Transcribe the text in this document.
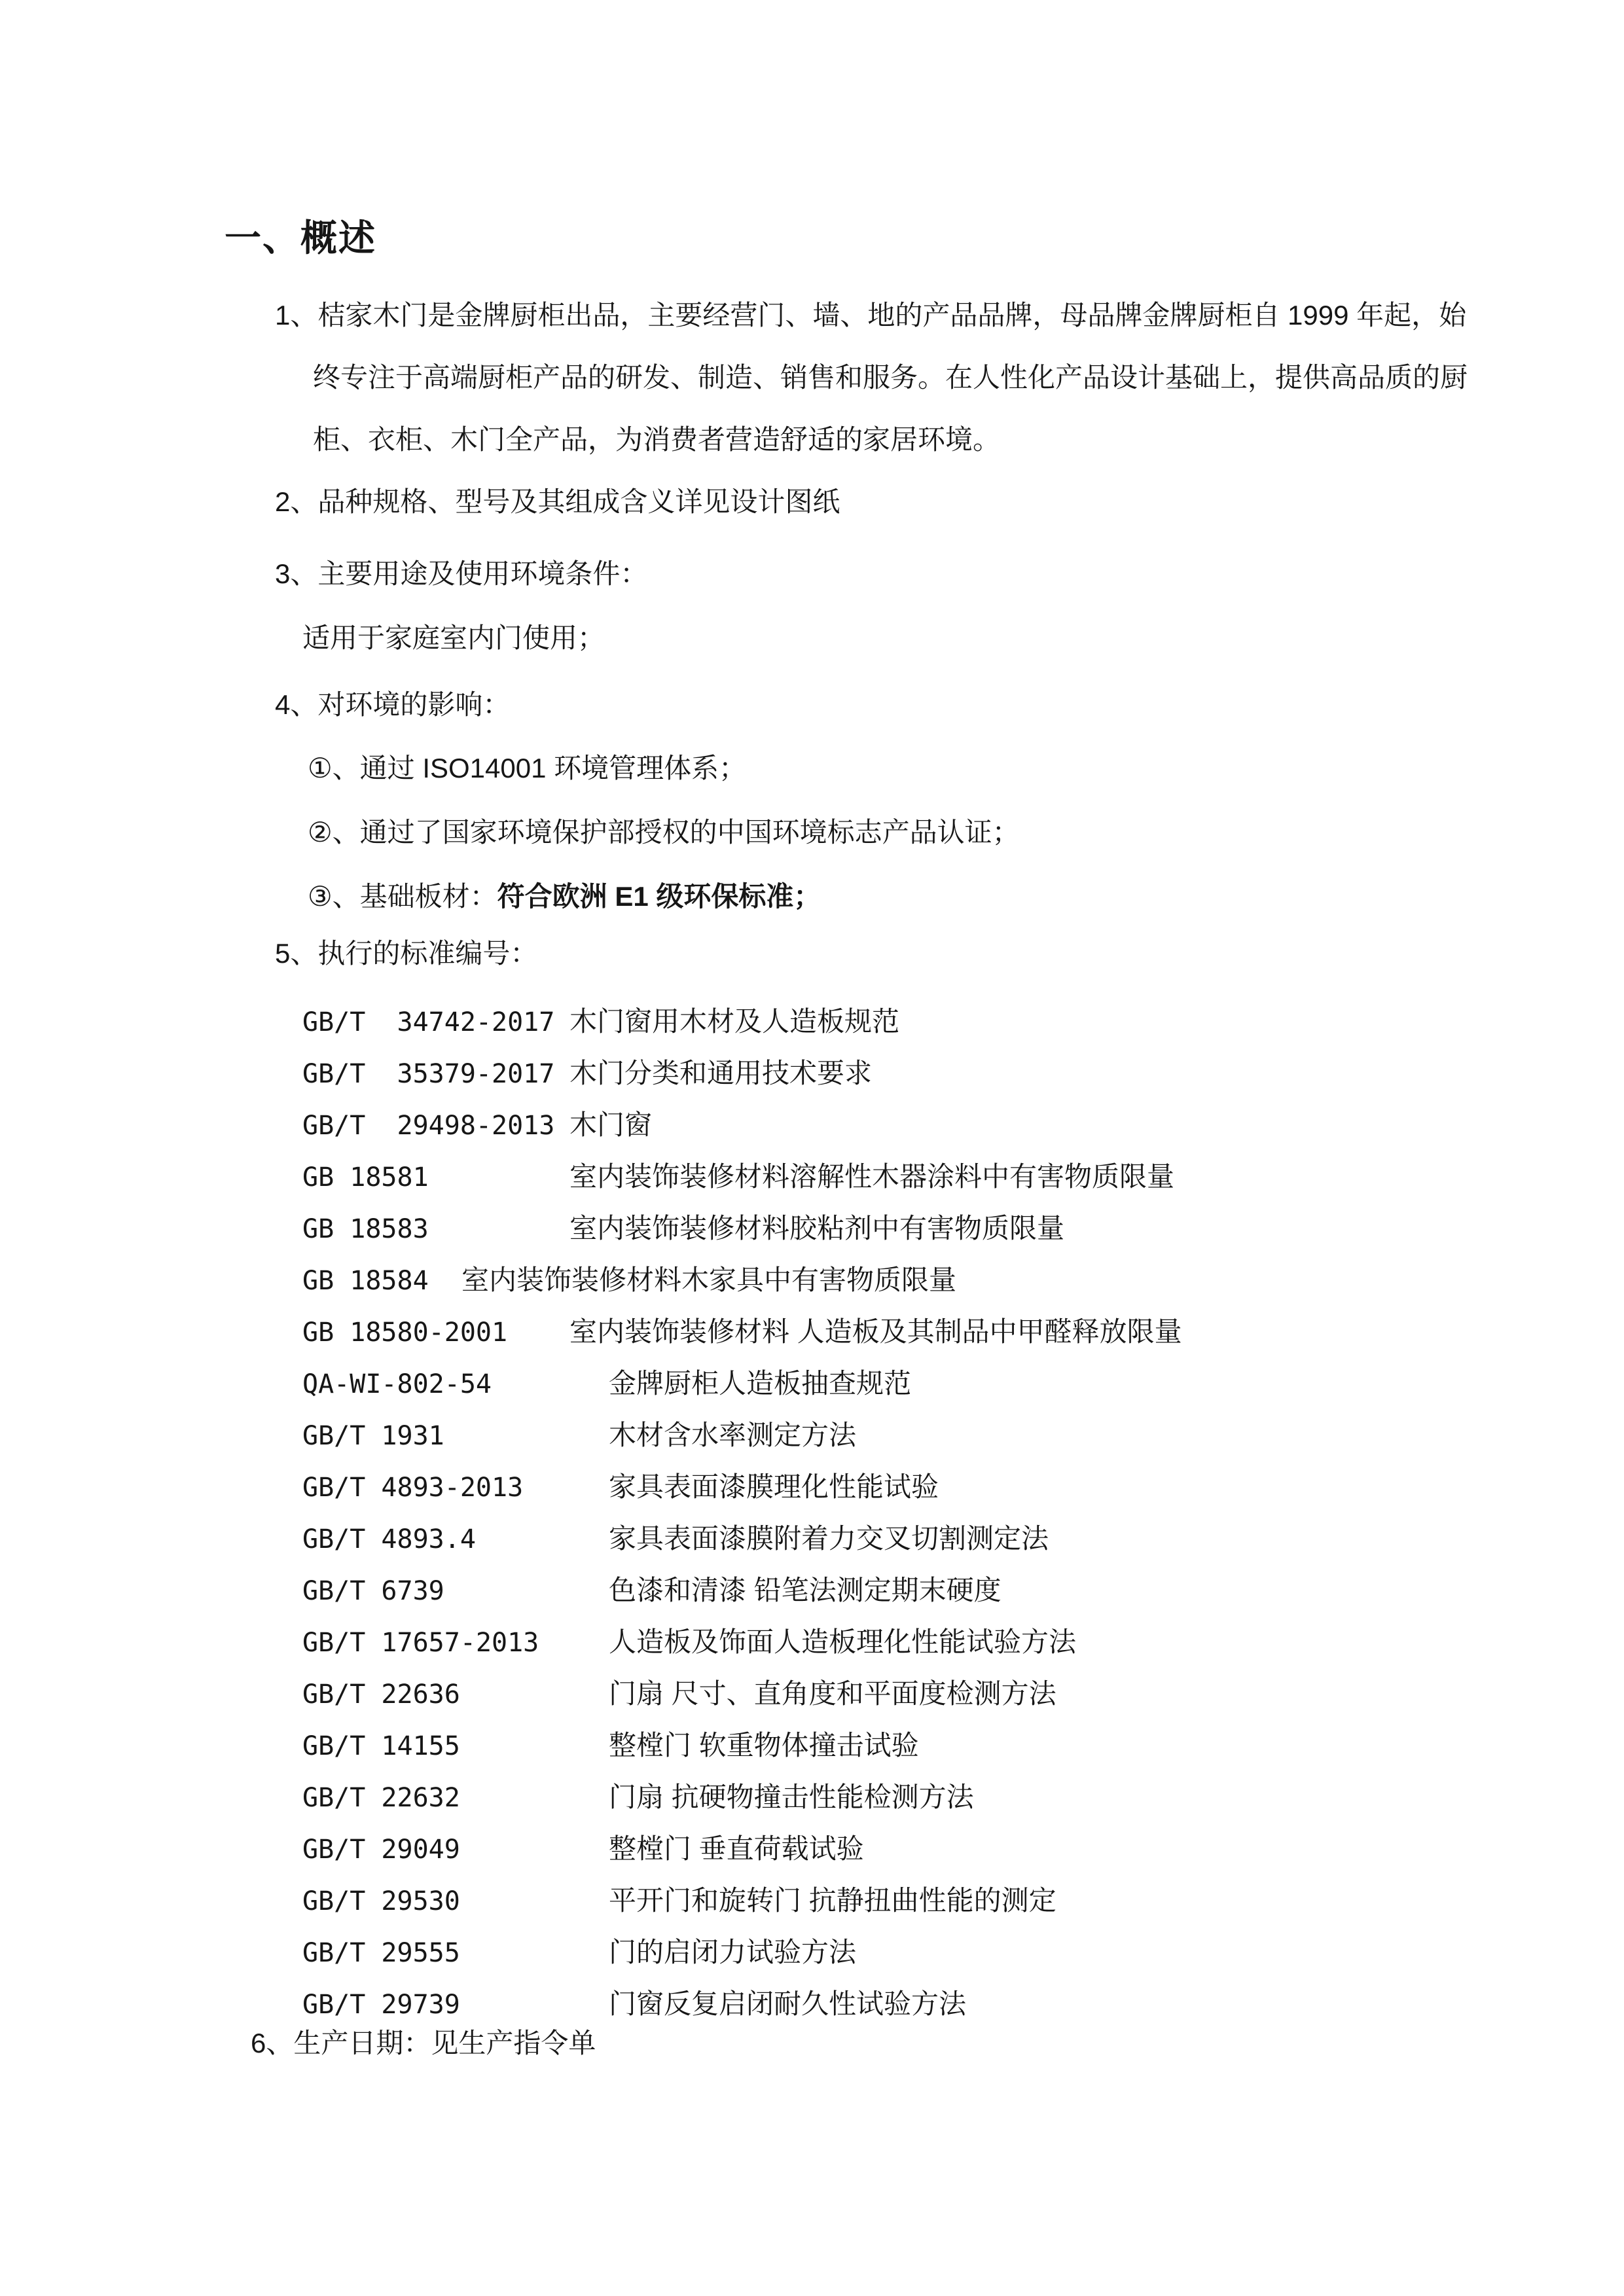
一、概述
1、桔家木门是金牌厨柜出品，主要经营门、墙、地的产品品牌，母品牌金牌厨柜自 1999 年起，始
终专注于高端厨柜产品的研发、制造、销售和服务。在人性化产品设计基础上，提供高品质的厨
柜、衣柜、木门全产品，为消费者营造舒适的家居环境。
2、品种规格、型号及其组成含义详见设计图纸
3、主要用途及使用环境条件：
适用于家庭室内门使用；
4、对环境的影响：
①、通过 ISO14001 环境管理体系；
②、通过了国家环境保护部授权的中国环境标志产品认证；
③、基础板材：符合欧洲 E1 级环保标准；
5、执行的标准编号：
GB/T  34742-2017 木门窗用木材及人造板规范
GB/T  35379-2017 木门分类和通用技术要求
GB/T  29498-2013 木门窗
GB 18581	室内装饰装修材料溶解性木器涂料中有害物质限量
GB 18583	室内装饰装修材料胶粘剂中有害物质限量
GB 18584 室内装饰装修材料木家具中有害物质限量
GB 18580-2001 室内装饰装修材料 人造板及其制品中甲醛释放限量
QA-WI-802-54	金牌厨柜人造板抽查规范
GB/T 1931	木材含水率测定方法
GB/T 4893-2013	家具表面漆膜理化性能试验
GB/T 4893.4	家具表面漆膜附着力交叉切割测定法
GB/T 6739	色漆和清漆 铅笔法测定期末硬度
GB/T 17657-2013	人造板及饰面人造板理化性能试验方法
GB/T 22636	门扇 尺寸、直角度和平面度检测方法
GB/T 14155	整樘门 软重物体撞击试验
GB/T 22632	门扇 抗硬物撞击性能检测方法
GB/T 29049	整樘门 垂直荷载试验
GB/T 29530	平开门和旋转门 抗静扭曲性能的测定
GB/T 29555	门的启闭力试验方法
GB/T 29739	门窗反复启闭耐久性试验方法
6、生产日期：见生产指令单
